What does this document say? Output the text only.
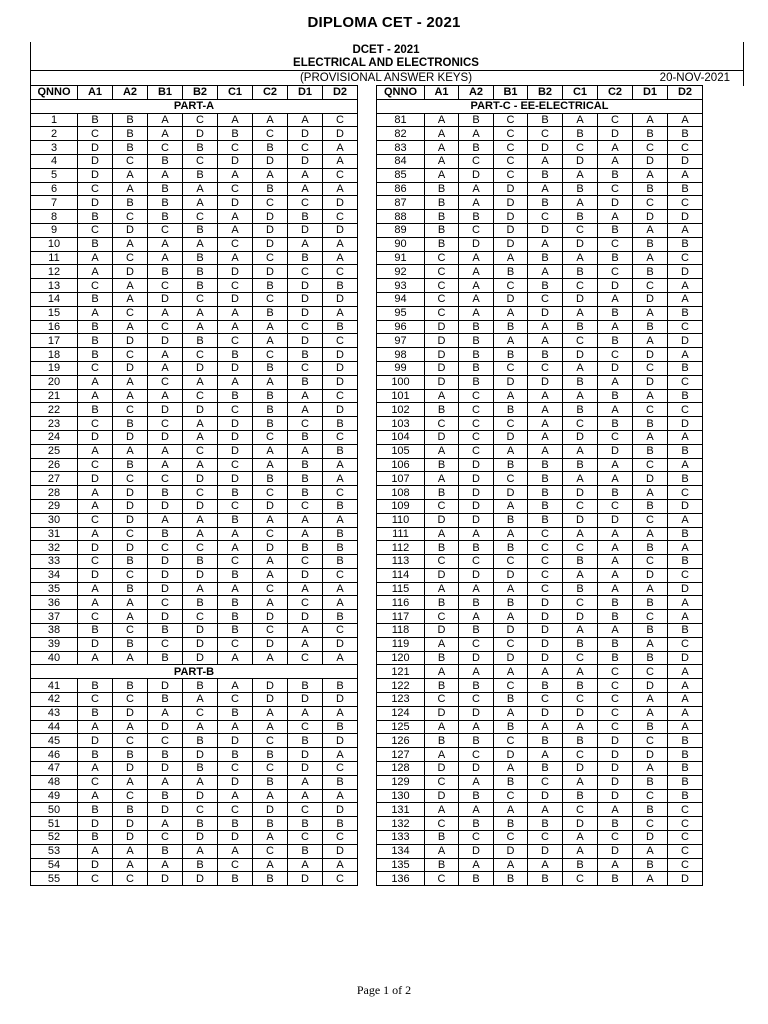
DIPLOMA CET - 2021
DCET - 2021
ELECTRICAL AND ELECTRONICS
(PROVISIONAL ANSWER KEYS)	20-NOV-2021
QNNO	A1	A2	B1	B2	C1	C2	D1	D2
PART-A								
1	B	B	A	C	A	A	A	C
2	C	B	A	D	B	C	D	D
3	D	B	C	B	C	B	C	A
4	D	C	B	C	D	D	D	A
5	D	A	A	B	A	A	A	C
6	C	A	B	A	C	B	A	A
7	D	B	B	A	D	C	C	D
8	B	C	B	C	A	D	B	C
9	C	D	C	B	A	D	D	D
10	B	A	A	A	C	D	A	A
11	A	C	A	B	A	C	B	A
12	A	D	B	B	D	D	C	C
13	C	A	C	B	C	B	D	B
14	B	A	D	C	D	C	D	D
15	A	C	A	A	A	B	D	A
16	B	A	C	A	A	A	C	B
17	B	D	D	B	C	A	D	C
18	B	C	A	C	B	C	B	D
19	C	D	A	D	D	B	C	D
20	A	A	C	A	A	A	B	D
21	A	A	A	C	B	B	A	C
22	B	C	D	D	C	B	A	D
23	C	B	C	A	D	B	C	B
24	D	D	D	A	D	C	B	C
25	A	A	A	C	D	A	A	B
26	C	B	A	A	C	A	B	A
27	D	C	C	D	D	B	B	A
28	A	D	B	C	B	C	B	C
29	A	D	D	D	C	D	C	B
30	C	D	A	A	B	A	A	A
31	A	C	B	A	A	C	A	B
32	D	D	C	C	A	D	B	B
33	C	B	D	B	C	A	C	B
34	D	C	D	D	B	A	D	C
35	A	B	D	A	A	C	A	A
36	A	A	C	B	B	A	C	A
37	C	A	D	C	B	D	D	B
38	B	C	B	D	B	C	A	C
39	D	B	C	D	C	D	A	D
40	A	A	B	D	A	A	C	A
PART-B								
41	B	B	D	B	A	D	B	B
42	C	C	B	A	C	D	D	D
43	B	D	A	C	B	A	A	A
44	A	A	D	A	A	A	C	B
45	D	C	C	B	D	C	B	D
46	B	B	B	D	B	B	D	A
47	A	D	D	B	C	C	D	C
48	C	A	A	A	D	B	A	B
49	A	C	B	D	A	A	A	A
50	B	B	D	C	C	D	C	D
51	D	D	A	B	B	B	B	B
52	B	D	C	D	D	A	C	C
53	A	A	B	A	A	C	B	D
54	D	A	A	B	C	A	A	A
55	C	C	D	D	B	B	D	C
QNNO	A1	A2	B1	B2	C1	C2	D1	D2
PART-C - EE-ELECTRICAL								
81	A	B	C	B	A	C	A	A
82	A	A	C	C	B	D	B	B
83	A	B	C	D	C	A	C	C
84	A	C	C	A	D	A	D	D
85	A	D	C	B	A	B	A	A
86	B	A	D	A	B	C	B	B
87	B	A	D	B	A	D	C	C
88	B	B	D	C	B	A	D	D
89	B	C	D	D	C	B	A	A
90	B	D	D	A	D	C	B	B
91	C	A	A	B	A	B	A	C
92	C	A	B	A	B	C	B	D
93	C	A	C	B	C	D	C	A
94	C	A	D	C	D	A	D	A
95	C	A	A	D	A	B	A	B
96	D	B	B	A	B	A	B	C
97	D	B	A	A	C	B	A	D
98	D	B	B	B	D	C	D	A
99	D	B	C	C	A	D	C	B
100	D	B	D	D	B	A	D	C
101	A	C	A	A	A	B	A	B
102	B	C	B	A	B	A	C	C
103	C	C	C	A	C	B	B	D
104	D	C	D	A	D	C	A	A
105	A	C	A	A	A	D	B	B
106	B	D	B	B	B	A	C	A
107	A	D	C	B	A	A	D	B
108	B	D	D	B	D	B	A	C
109	C	D	A	B	C	C	B	D
110	D	D	B	B	D	D	C	A
111	A	A	A	C	A	A	A	B
112	B	B	B	C	C	A	B	A
113	C	C	C	C	B	A	C	B
114	D	D	D	C	A	A	D	C
115	A	A	A	C	B	A	A	D
116	B	B	B	D	C	B	B	A
117	C	A	A	D	D	B	C	A
118	D	B	D	D	A	A	B	B
119	A	C	C	D	B	B	A	C
120	B	D	D	D	C	B	B	D
121	A	A	A	A	A	C	C	A
122	B	B	C	B	B	C	D	A
123	C	C	B	C	C	C	A	A
124	D	D	A	D	D	C	A	A
125	A	A	B	A	A	C	B	A
126	B	B	C	B	B	D	C	B
127	A	C	D	A	C	D	D	B
128	D	D	A	B	D	D	A	B
129	C	A	B	C	A	D	B	B
130	D	B	C	D	B	D	C	B
131	A	A	A	A	C	A	B	C
132	C	B	B	B	D	B	C	C
133	B	C	C	C	A	C	D	C
134	A	D	D	D	A	D	A	C
135	B	A	A	A	B	A	B	C
136	C	B	B	B	C	B	A	D
Page 1 of 2
